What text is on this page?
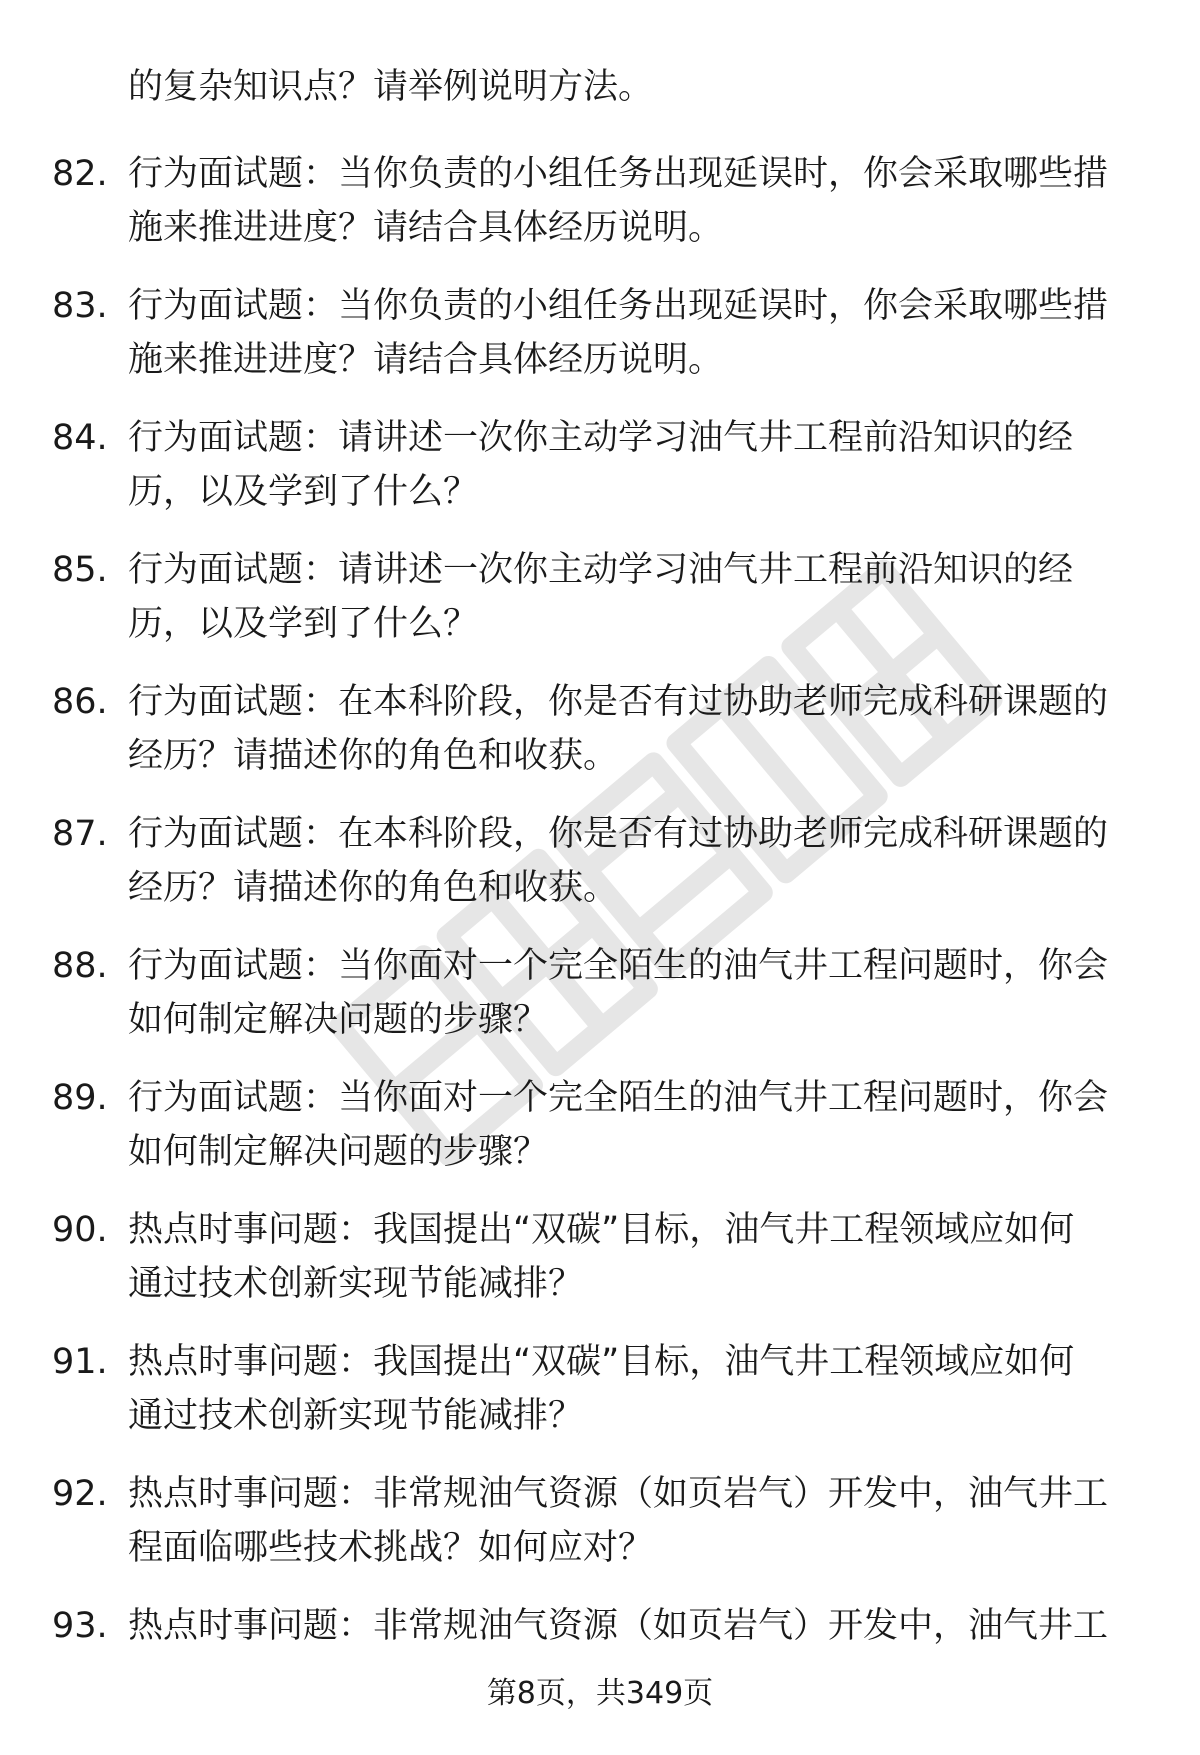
的复杂知识点？请举例说明方法。
82. 行为面试题：当你负责的小组任务出现延误时，你会采取哪些措
施来推进进度？请结合具体经历说明。
83. 行为面试题：当你负责的小组任务出现延误时，你会采取哪些措
施来推进进度？请结合具体经历说明。
84. 行为面试题：请讲述一次你主动学习油气井工程前沿知识的经
历，以及学到了什么？
85. 行为面试题：请讲述一次你主动学习油气井工程前沿知识的经
历，以及学到了什么？
86. 行为面试题：在本科阶段，你是否有过协助老师完成科研课题的
经历？请描述你的角色和收获。
87. 行为面试题：在本科阶段，你是否有过协助老师完成科研课题的
经历？请描述你的角色和收获。
88. 行为面试题：当你面对一个完全陌生的油气井工程问题时，你会
如何制定解决问题的步骤？
89. 行为面试题：当你面对一个完全陌生的油气井工程问题时，你会
如何制定解决问题的步骤？
90. 热点时事问题：我国提出“双碳”目标，油气井工程领域应如何
通过技术创新实现节能减排？
91. 热点时事问题：我国提出“双碳”目标，油气井工程领域应如何
通过技术创新实现节能减排？
92. 热点时事问题：非常规油气资源（如页岩气）开发中，油气井工
程面临哪些技术挑战？如何应对？
93. 热点时事问题：非常规油气资源（如页岩气）开发中，油气井工
第8页，共349页
